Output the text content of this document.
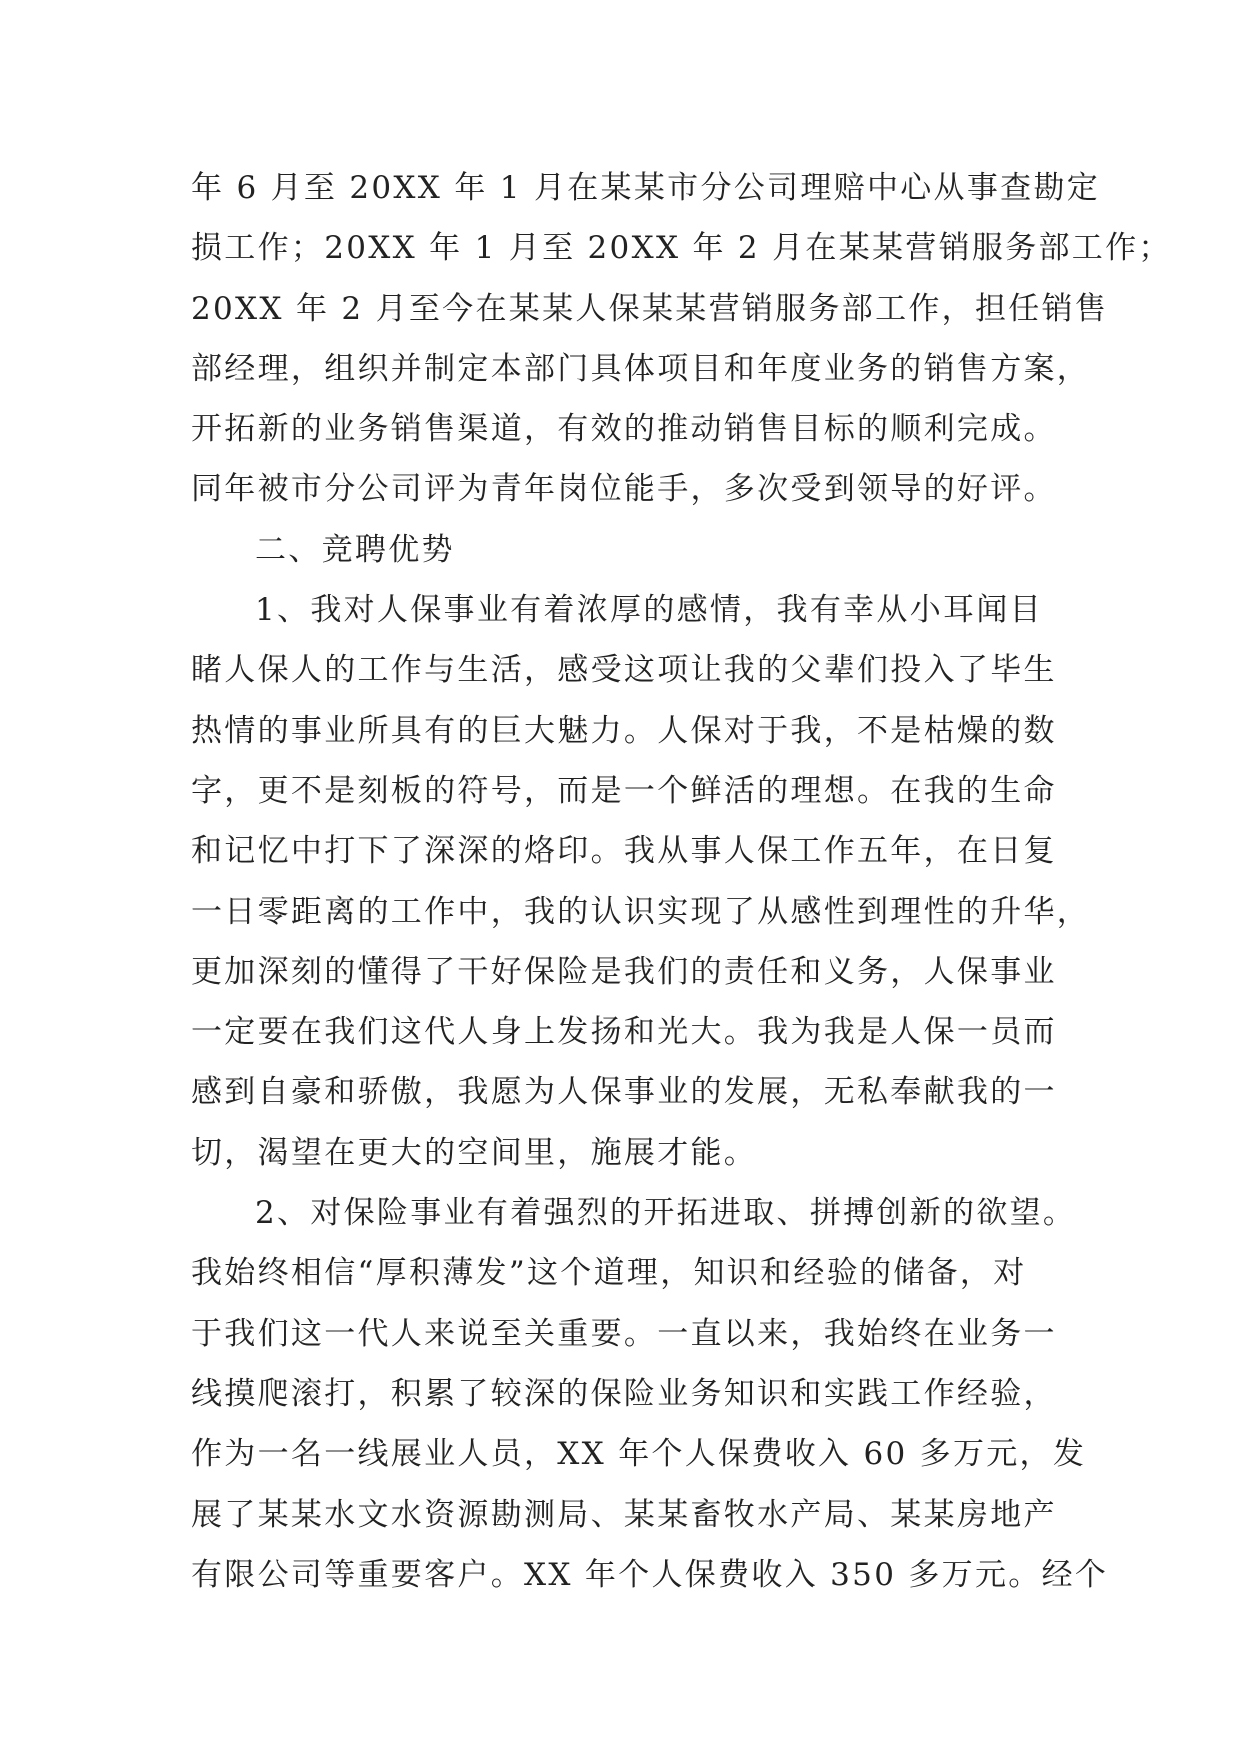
年 6 月至 20XX 年 1 月在某某市分公司理赔中心从事查勘定
损工作；20XX 年 1 月至 20XX 年 2 月在某某营销服务部工作；
20XX 年 2 月至今在某某人保某某营销服务部工作，担任销售
部经理，组织并制定本部门具体项目和年度业务的销售方案，
开拓新的业务销售渠道，有效的推动销售目标的顺利完成。
同年被市分公司评为青年岗位能手，多次受到领导的好评。
二、竞聘优势
1、我对人保事业有着浓厚的感情，我有幸从小耳闻目
睹人保人的工作与生活，感受这项让我的父辈们投入了毕生
热情的事业所具有的巨大魅力。人保对于我，不是枯燥的数
字，更不是刻板的符号，而是一个鲜活的理想。在我的生命
和记忆中打下了深深的烙印。我从事人保工作五年，在日复
一日零距离的工作中，我的认识实现了从感性到理性的升华，
更加深刻的懂得了干好保险是我们的责任和义务，人保事业
一定要在我们这代人身上发扬和光大。我为我是人保一员而
感到自豪和骄傲，我愿为人保事业的发展，无私奉献我的一
切，渴望在更大的空间里，施展才能。
2、对保险事业有着强烈的开拓进取、拼搏创新的欲望。
我始终相信“厚积薄发”这个道理，知识和经验的储备，对
于我们这一代人来说至关重要。一直以来，我始终在业务一
线摸爬滚打，积累了较深的保险业务知识和实践工作经验，
作为一名一线展业人员，XX 年个人保费收入 60 多万元，发
展了某某水文水资源勘测局、某某畜牧水产局、某某房地产
有限公司等重要客户。XX 年个人保费收入 350 多万元。经个
